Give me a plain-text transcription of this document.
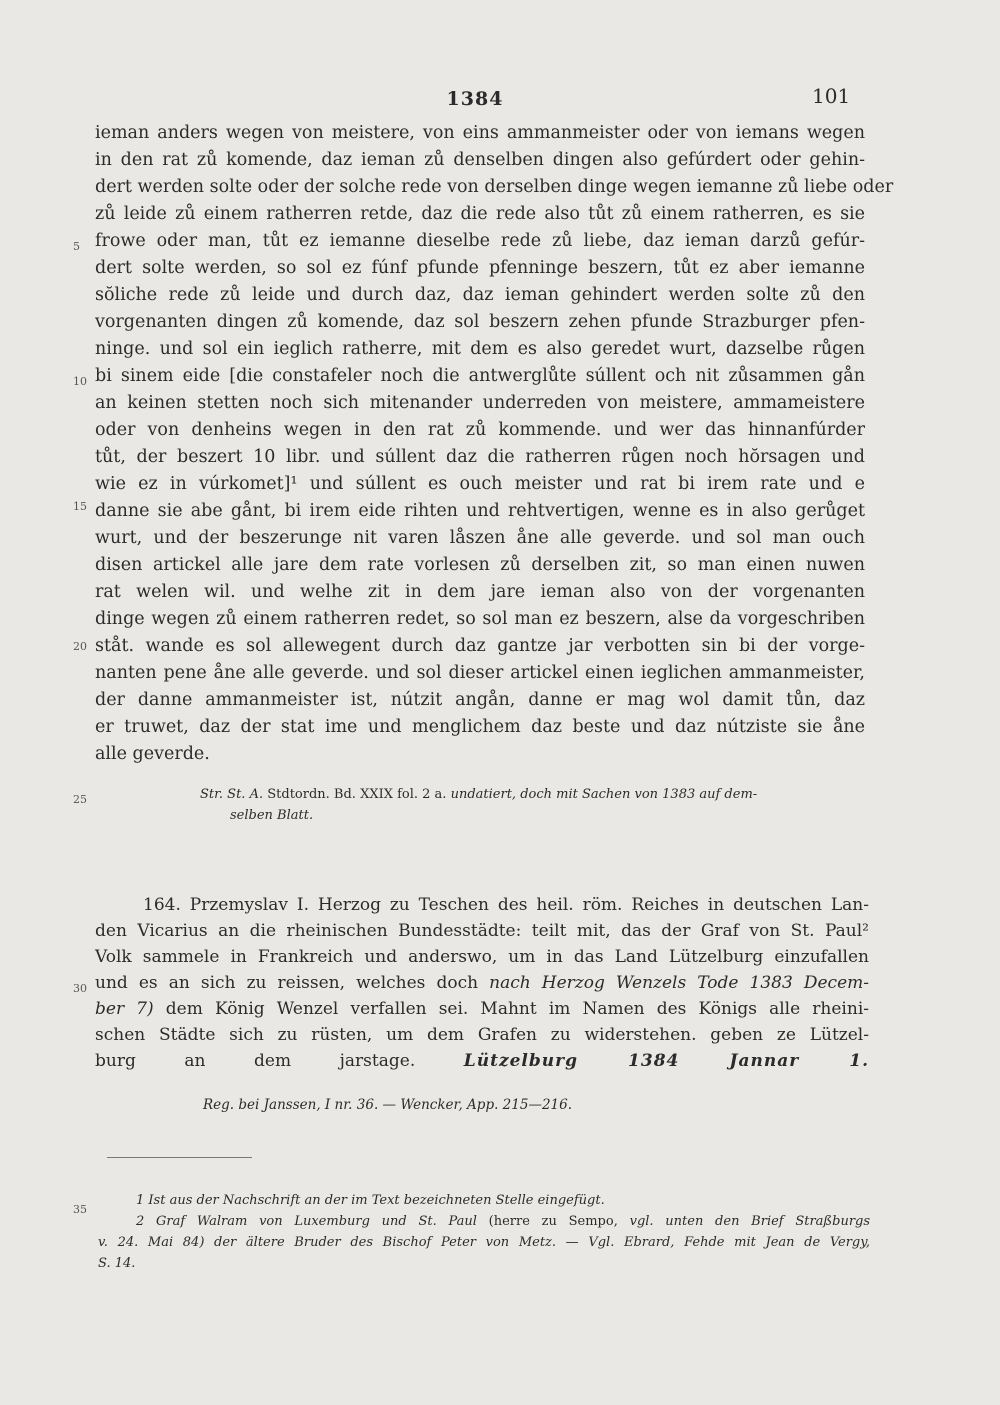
1384	101
5
10
15
20
25
30
35
ieman anders wegen von meistere, von eins ammanmeister oder von iemans wegen
in den rat zů komende, daz ieman zů denselben dingen also gefúrdert oder gehin-
dert werden solte oder der solche rede von derselben dinge wegen iemanne zů liebe oder
zů leide zů einem ratherren retde, daz die rede also tůt zů einem ratherren, es sie
frowe oder man, tůt ez iemanne dieselbe rede zů liebe, daz ieman darzů gefúr-
dert solte werden, so sol ez fúnf pfunde pfenninge beszern, tůt ez aber iemanne
sŏliche rede zů leide und durch daz, daz ieman gehindert werden solte zů den
vorgenanten dingen zů komende, daz sol beszern zehen pfunde Strazburger pfen-
ninge. und sol ein ieglich ratherre, mit dem es also geredet wurt, dazselbe růgen
bi sinem eide [die constafeler noch die antwerglůte súllent och nit zůsammen gån
an keinen stetten noch sich mitenander underreden von meistere, ammameistere
oder von denheins wegen in den rat zů kommende. und wer das hinnanfúrder
tůt, der beszert 10 libr. und súllent daz die ratherren růgen noch hŏrsagen und
wie ez in vúrkomet]¹ und súllent es ouch meister und rat bi irem rate und e
danne sie abe gånt, bi irem eide rihten und rehtvertigen, wenne es in also gerůget
wurt, und der beszerunge nit varen låszen åne alle geverde. und sol man ouch
disen artickel alle jare dem rate vorlesen zů derselben zit, so man einen nuwen
rat welen wil. und welhe zit in dem jare ieman also von der vorgenanten
dinge wegen zů einem ratherren redet, so sol man ez beszern, alse da vorgeschriben
ståt. wande es sol allewegent durch daz gantze jar verbotten sin bi der vorge-
nanten pene åne alle geverde. und sol dieser artickel einen ieglichen ammanmeister,
der danne ammanmeister ist, nútzit angån, danne er mag wol damit tůn, daz
er truwet, daz der stat ime und menglichem daz beste und daz nútziste sie åne
alle geverde.
Str. St. A. Stdtordn. Bd. XXIX fol. 2 a. undatiert, doch mit Sachen von 1383 auf dem-
selben Blatt.
164. Przemyslav I. Herzog zu Teschen des heil. röm. Reiches in deutschen Lan-
den Vicarius an die rheinischen Bundesstädte: teilt mit, das der Graf von St. Paul²
Volk sammele in Frankreich und anderswo, um in das Land Lützelburg einzufallen
und es an sich zu reissen, welches doch nach Herzog Wenzels Tode 1383 Decem-
ber 7) dem König Wenzel verfallen sei. Mahnt im Namen des Königs alle rheini-
schen Städte sich zu rüsten, um dem Grafen zu widerstehen. geben ze Lützel-
burg an dem jarstage.	Lützelburg 1384 Jannar 1.
Reg. bei Janssen, I nr. 36. — Wencker, App. 215—216.
1 Ist aus der Nachschrift an der im Text bezeichneten Stelle eingefügt.
2 Graf Walram von Luxemburg und St. Paul (herre zu Sempo, vgl. unten den Brief Straßburgs
v. 24. Mai 84) der ältere Bruder des Bischof Peter von Metz. — Vgl. Ebrard, Fehde mit Jean de Vergy,
S. 14.
